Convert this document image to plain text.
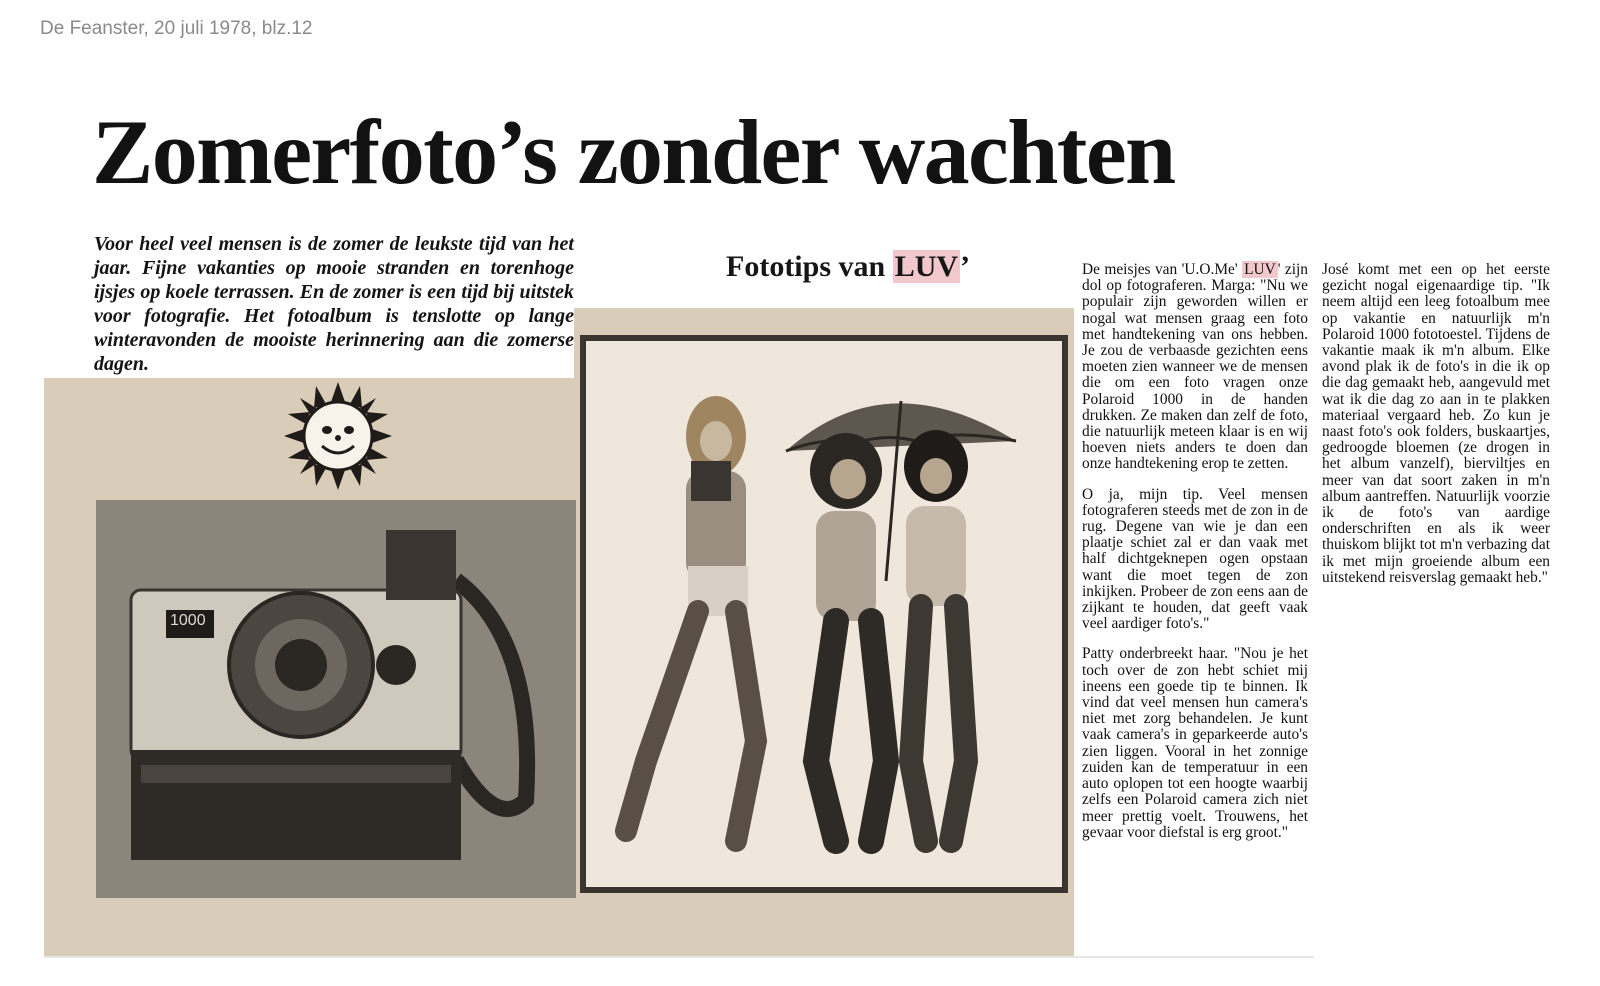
De Feanster, 20 juli 1978, blz.12
Zomerfoto’s zonder wachten

Voor heel veel mensen is de zomer de leukste tijd van het jaar. Fijne vakanties op mooie stranden en torenhoge ijsjes op koele terrassen. En de zomer is een tijd bij uitstek voor fotografie. Het fotoalbum is tenslotte op lange winteravonden de mooiste herinnering aan die zomerse dagen.

Fototips van LUV’
1000

De meisjes van 'U.O.Me' LUV ' zijn dol op fotograferen. Marga: "Nu we populair zijn geworden willen er nogal wat mensen graag een foto met handtekening van ons hebben. Je zou de verbaasde gezichten eens moeten zien wanneer we de mensen die om een foto vragen onze Polaroid 1000 in de handen drukken. Ze maken dan zelf de foto, die natuurlijk meteen klaar is en wij hoeven niets anders te doen dan onze handtekening erop te zetten.

O ja, mijn tip. Veel mensen fotograferen steeds met de zon in de rug. Degene van wie je dan een plaatje schiet zal er dan vaak met half dichtgeknepen ogen opstaan want die moet tegen de zon inkijken. Probeer de zon eens aan de zijkant te houden, dat geeft vaak veel aardiger foto's."

Patty onderbreekt haar. "Nou je het toch over de zon hebt schiet mij ineens een goede tip te binnen. Ik vind dat veel mensen hun camera's niet met zorg behandelen. Je kunt vaak camera's in geparkeerde auto's zien liggen. Vooral in het zonnige zuiden kan de temperatuur in een auto oplopen tot een hoogte waarbij zelfs een Polaroid camera zich niet meer prettig voelt. Trouwens, het gevaar voor diefstal is erg groot."

José komt met een op het eerste gezicht nogal eigenaardige tip. "Ik neem altijd een leeg fotoalbum mee op vakantie en natuurlijk m'n Polaroid 1000 fototoestel. Tijdens de vakantie maak ik m'n album. Elke avond plak ik de foto's in die ik op die dag gemaakt heb, aangevuld met wat ik die dag zo aan in te plakken materiaal vergaard heb. Zo kun je naast foto's ook folders, buskaartjes, gedroogde bloemen (ze drogen in het album vanzelf), bierviltjes en meer van dat soort zaken in m'n album aantreffen. Natuurlijk voorzie ik de foto's van aardige onderschriften en als ik weer thuiskom blijkt tot m'n verbazing dat ik met mijn groeiende album een uitstekend reisverslag gemaakt heb."
